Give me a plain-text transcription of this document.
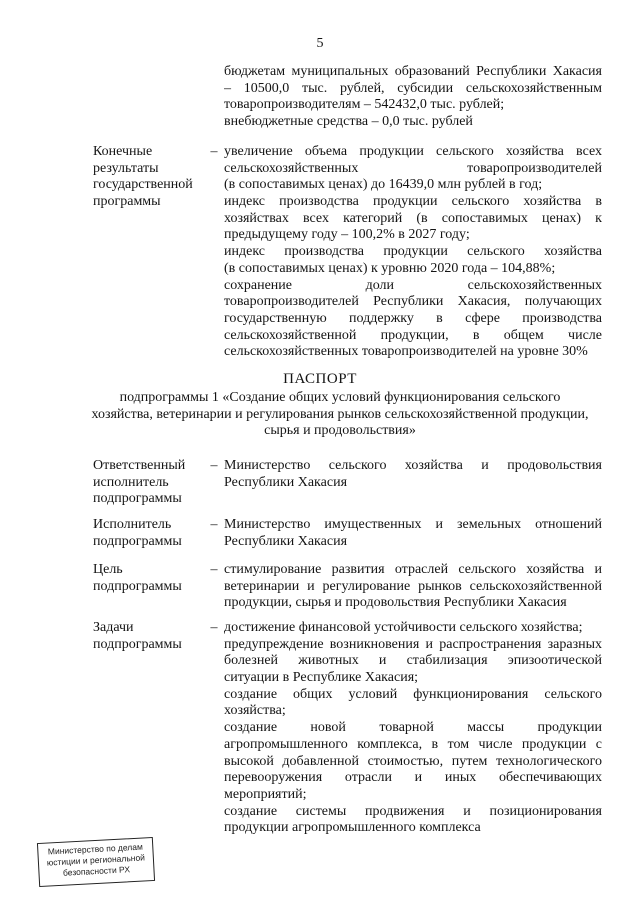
5
бюджетам муниципальных образований Республики Хакасия
– 10500,0 тыс. рублей, субсидии сельскохозяйственным
товаропроизводителям – 542432,0 тыс. рублей;
внебюджетные средства – 0,0 тыс. рублей
Конечные
результаты
государственной
программы
– увеличение объема продукции сельского хозяйства всех
сельскохозяйственных товаропроизводителей
(в сопоставимых ценах) до 16439,0 млн рублей в год;
индекс производства продукции сельского хозяйства в
хозяйствах всех категорий (в сопоставимых ценах) к
предыдущему году – 100,2% в 2027 году;
индекс производства продукции сельского хозяйства
(в сопоставимых ценах) к уровню 2020 года – 104,88%;
сохранение доли сельскохозяйственных
товаропроизводителей Республики Хакасия, получающих
государственную поддержку в сфере производства
сельскохозяйственной продукции, в общем числе
сельскохозяйственных товаропроизводителей на уровне 30%
ПАСПОРТ
подпрограммы 1 «Создание общих условий функционирования сельского
хозяйства, ветеринарии и регулирования рынков сельскохозяйственной продукции,
сырья и продовольствия»
Ответственный
исполнитель
подпрограммы
– Министерство сельского хозяйства и продовольствия
Республики Хакасия
Исполнитель
подпрограммы
– Министерство имущественных и земельных отношений
Республики Хакасия
Цель
подпрограммы
– стимулирование развития отраслей сельского хозяйства и
ветеринарии и регулирование рынков сельскохозяйственной
продукции, сырья и продовольствия Республики Хакасия
Задачи
подпрограммы
– достижение финансовой устойчивости сельского хозяйства;
предупреждение возникновения и распространения заразных
болезней животных и стабилизация эпизоотической
ситуации в Республике Хакасия;
создание общих условий функционирования сельского
хозяйства;
создание новой товарной массы продукции
агропромышленного комплекса, в том числе продукции с
высокой добавленной стоимостью, путем технологического
перевооружения отрасли и иных обеспечивающих
мероприятий;
создание системы продвижения и позиционирования
продукции агропромышленного комплекса
Министерство по делам
юстиции и региональной
безопасности РХ
